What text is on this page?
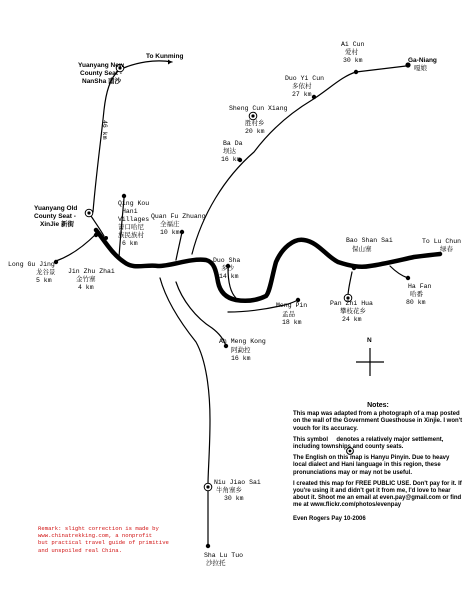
N
To Kunming
Yuanyang New
County Seat -
NanSha 南沙
46 km
Ai Cun
爱村
30 km	Ga-Niang
嘎娘
Duo Yi Cun
多依村
27 km
Sheng Cun Xiang
胜村乡
20 km
Ba Da
坝达
16 km
Qing Kou
Hani
Villages
箐口哈尼
族民族村
6 km
Quan Fu Zhuang
全福庄
10 km
Yuanyang Old
County Seat -
XinJie 新街
Long Gu Jing
龙谷景
5 km
Jin Zhu Zhai
金竹寨
4 km
Duo Sha
多沙
14 km
Bao Shan Sai
保山寨
To Lu Chun
绿春
Pan Zhi Hua
攀枝花乡
24 km
Ha Fan
哈番
80 km
Meng Pin
孟品
18 km
Ah Meng Kong
阿勐控
16 km
Niu Jiao Sai
牛角寨乡
30 km
Sha Lu Tuo
沙拉托
Notes:

This map was adapted from a photograph of a map posted on the wall of the Government Guesthouse in Xinjie. I won't vouch for its accuracy.

This symbol denotes a relatively major settlement, including townships and county seats.

The English on this map is Hanyu Pinyin. Due to heavy local dialect and Hani language in this region, these pronunciations may or may not be useful.

I created this map for FREE PUBLIC USE. Don't pay for it. If you're using it and didn't get it from me, I'd love to hear about it. Shoot me an email at even.pay@gmail.com or find me at www.flickr.com/photos/evenpay

Even Rogers Pay 10-2006

Remark: slight correction is made by
www.chinatrekking.com, a nonprofit
but practical travel guide of primitive
and unspoiled real China.
